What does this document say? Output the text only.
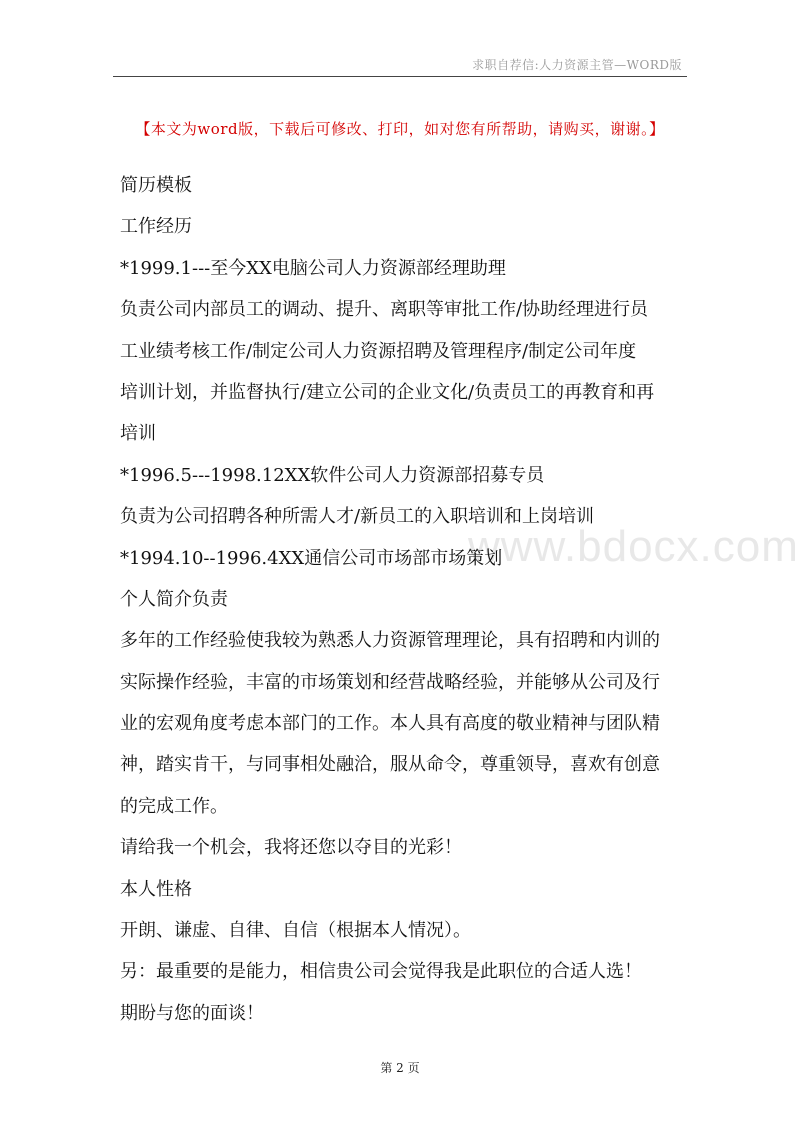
求职自荐信:人力资源主管—WORD版
【本文为word版，下载后可修改、打印，如对您有所帮助，请购买，谢谢。】
www.bdocx.com
简历模板
工作经历
*1999.1---至今XX电脑公司人力资源部经理助理
负责公司内部员工的调动、提升、离职等审批工作/协助经理进行员
工业绩考核工作/制定公司人力资源招聘及管理程序/制定公司年度
培训计划，并监督执行/建立公司的企业文化/负责员工的再教育和再
培训
*1996.5---1998.12XX软件公司人力资源部招募专员
负责为公司招聘各种所需人才/新员工的入职培训和上岗培训
*1994.10--1996.4XX通信公司市场部市场策划
个人简介负责
多年的工作经验使我较为熟悉人力资源管理理论，具有招聘和内训的
实际操作经验，丰富的市场策划和经营战略经验，并能够从公司及行
业的宏观角度考虑本部门的工作。本人具有高度的敬业精神与团队精
神，踏实肯干，与同事相处融洽，服从命令，尊重领导，喜欢有创意
的完成工作。
请给我一个机会，我将还您以夺目的光彩！
本人性格
开朗、谦虚、自律、自信（根据本人情况）。
另：最重要的是能力，相信贵公司会觉得我是此职位的合适人选！
期盼与您的面谈！
第 2 页
